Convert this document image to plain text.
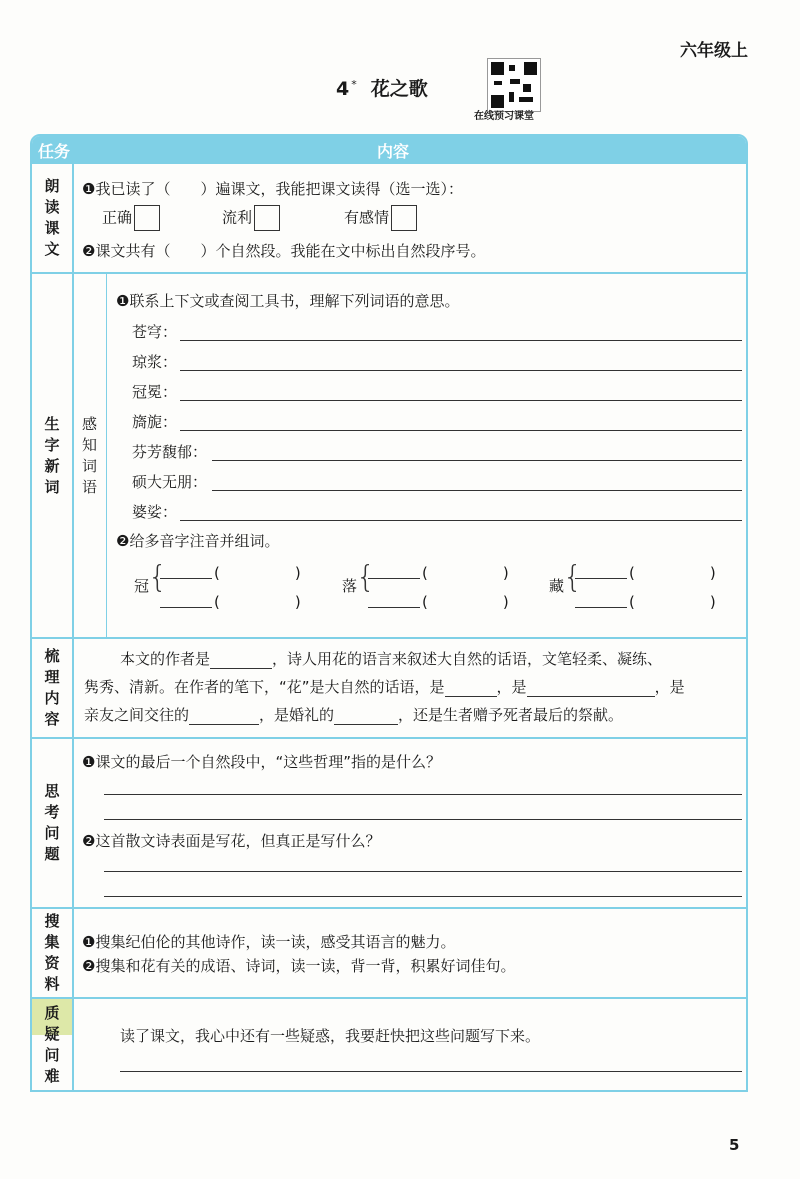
六年级上
4 * 花之歌
在线预习课堂
任务	内容
朗读课文
❶我已读了（　　）遍课文，我能把课文读得（选一选）：
正确	流利	有感情
❷课文共有（　　）个自然段。我能在文中标出自然段序号。
生字新词
感知词语
❶联系上下文或查阅工具书，理解下列词语的意思。
苍穹：
琼浆：
冠冕：
旖旎：
芬芳馥郁：
硕大无朋：
婆娑：
❷给多音字注音并组词。
冠
{	(　　　　　)
(　　　　　)
落
{	(　　　　　)
(　　　　　)
藏
{	(　　　　　)
(　　　　　)
梳理内容
本文的作者是	，诗人用花的语言来叙述大自然的话语，文笔轻柔、凝练、
隽秀、清新。在作者的笔下，“花”是大自然的话语，是	，是	，是
亲友之间交往的	，是婚礼的	，还是生者赠予死者最后的祭献。
思考问题
❶课文的最后一个自然段中，“这些哲理”指的是什么？
❷这首散文诗表面是写花，但真正是写什么？
搜集资料
❶搜集纪伯伦的其他诗作，读一读，感受其语言的魅力。
❷搜集和花有关的成语、诗词，读一读，背一背，积累好词佳句。
质疑问难
读了课文，我心中还有一些疑惑，我要赶快把这些问题写下来。
5
